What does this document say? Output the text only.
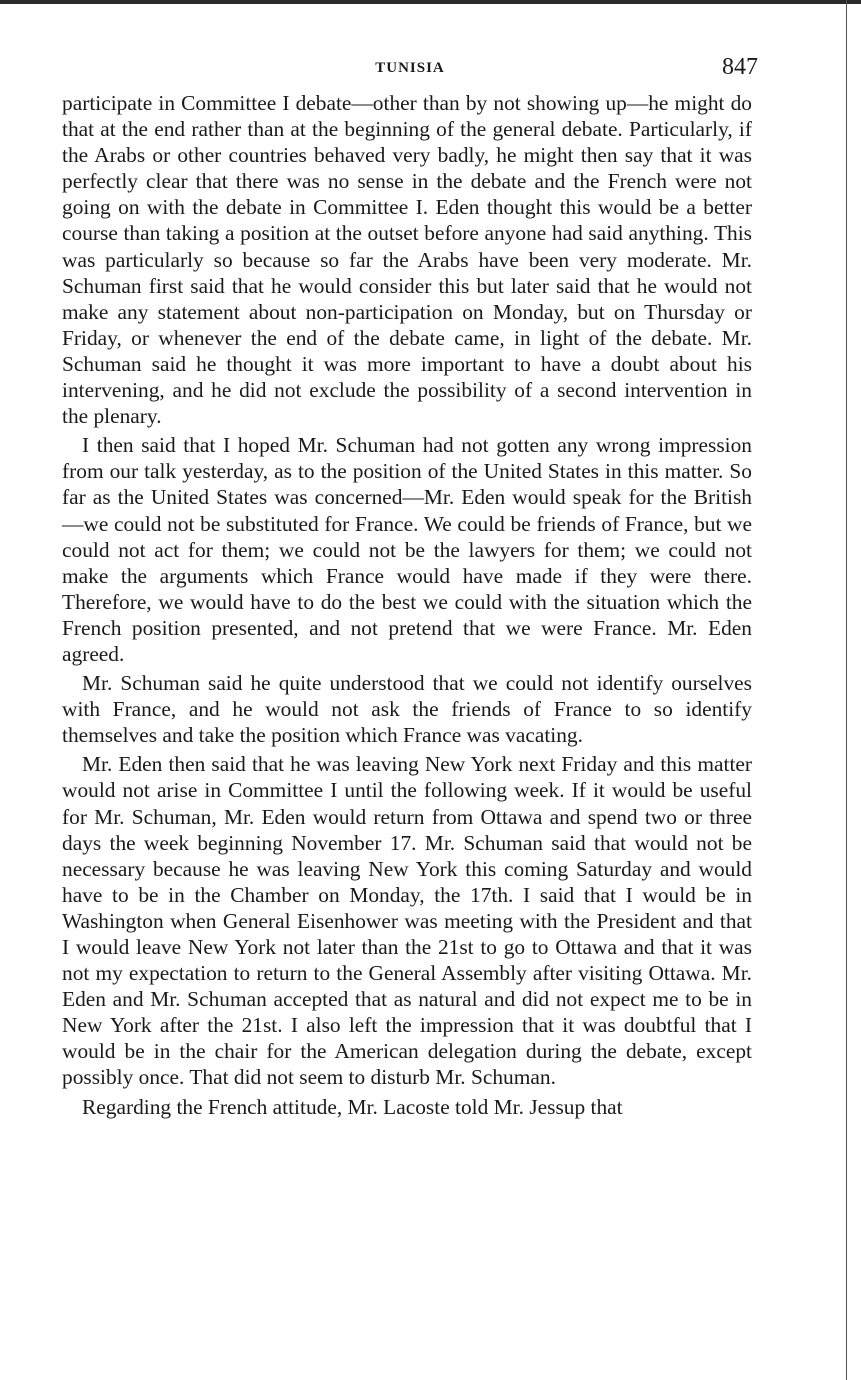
TUNISIA	847

participate in Committee I debate—other than by not showing up—he might do that at the end rather than at the beginning of the general debate. Particularly, if the Arabs or other countries behaved very badly, he might then say that it was perfectly clear that there was no sense in the debate and the French were not going on with the debate in Committee I. Eden thought this would be a better course than taking a position at the outset before anyone had said anything. This was particularly so because so far the Arabs have been very moderate. Mr. Schuman first said that he would consider this but later said that he would not make any statement about non-participation on Monday, but on Thursday or Friday, or whenever the end of the debate came, in light of the debate. Mr. Schuman said he thought it was more important to have a doubt about his intervening, and he did not exclude the possibility of a second intervention in the plenary.

I then said that I hoped Mr. Schuman had not gotten any wrong impression from our talk yesterday, as to the position of the United States in this matter. So far as the United States was concerned—Mr. Eden would speak for the British—we could not be substituted for France. We could be friends of France, but we could not act for them; we could not be the lawyers for them; we could not make the arguments which France would have made if they were there. Therefore, we would have to do the best we could with the situation which the French position presented, and not pretend that we were France. Mr. Eden agreed.

Mr. Schuman said he quite understood that we could not identify ourselves with France, and he would not ask the friends of France to so identify themselves and take the position which France was vacating.

Mr. Eden then said that he was leaving New York next Friday and this matter would not arise in Committee I until the following week. If it would be useful for Mr. Schuman, Mr. Eden would return from Ottawa and spend two or three days the week beginning November 17. Mr. Schuman said that would not be necessary because he was leaving New York this coming Saturday and would have to be in the Chamber on Monday, the 17th. I said that I would be in Washington when General Eisenhower was meeting with the President and that I would leave New York not later than the 21st to go to Ottawa and that it was not my expectation to return to the General Assembly after visiting Ottawa. Mr. Eden and Mr. Schuman accepted that as natural and did not expect me to be in New York after the 21st. I also left the impression that it was doubtful that I would be in the chair for the American delegation during the debate, except possibly once. That did not seem to disturb Mr. Schuman.

Regarding the French attitude, Mr. Lacoste told Mr. Jessup that
